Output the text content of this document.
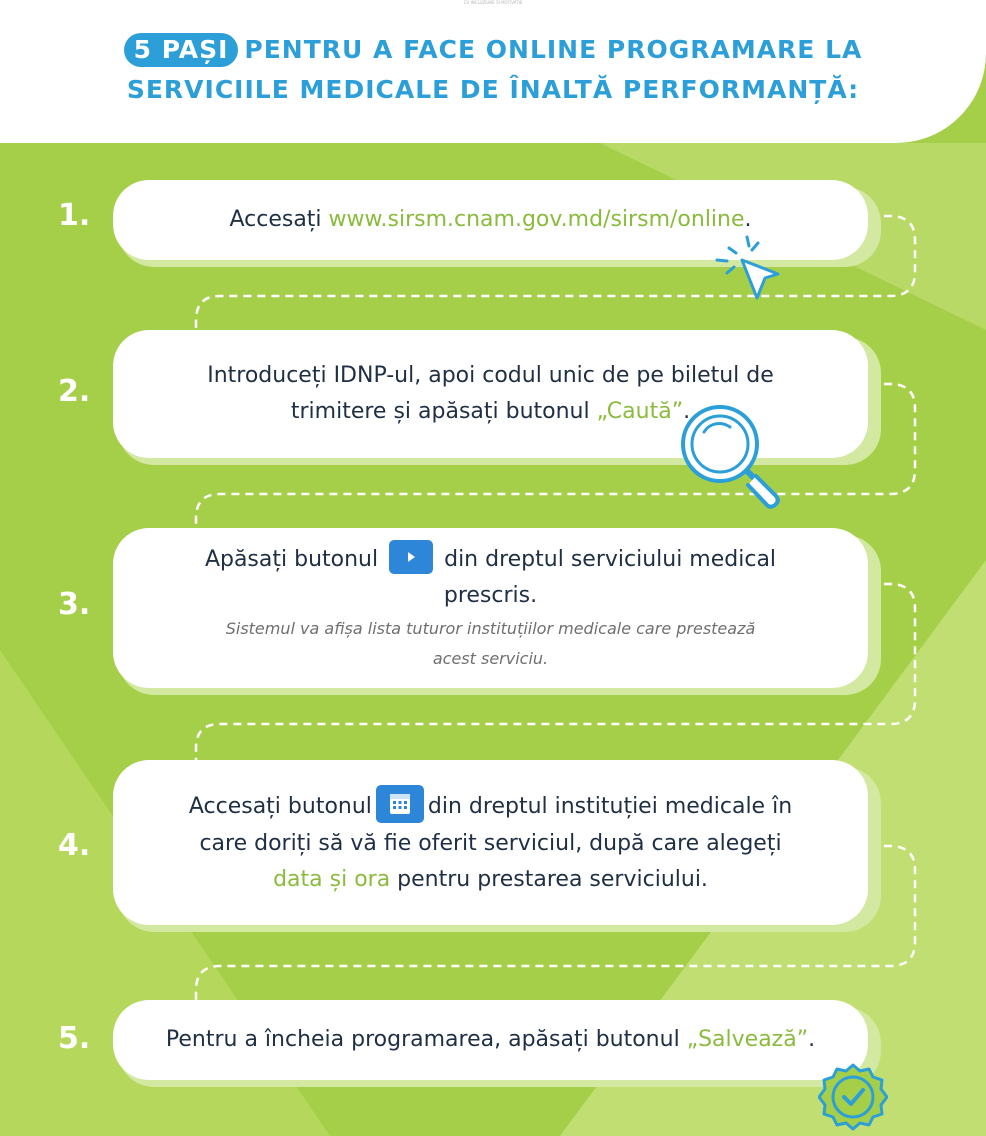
CU INCLUZIUNE SI MOTIVATIE
5 PAȘI PENTRU A FACE ONLINE PROGRAMARE LA
SERVICIILE MEDICALE DE ÎNALTĂ PERFORMANȚĂ:
1.	Accesați www.sirsm.cnam.gov.md/sirsm/online.
2.	Introduceți IDNP-ul, apoi codul unic de pe biletul de
trimitere și apăsați butonul „Caută”.
3.
Apăsați butonul	din dreptul serviciului medical
prescris.
Sistemul va afișa lista tuturor instituțiilor medicale care prestează
acest serviciu.
4.
Accesați butonul	din dreptul instituției medicale în
care doriți să vă fie oferit serviciul, după care alegeți
data și ora pentru prestarea serviciului.
5.	Pentru a încheia programarea, apăsați butonul „Salvează”.
